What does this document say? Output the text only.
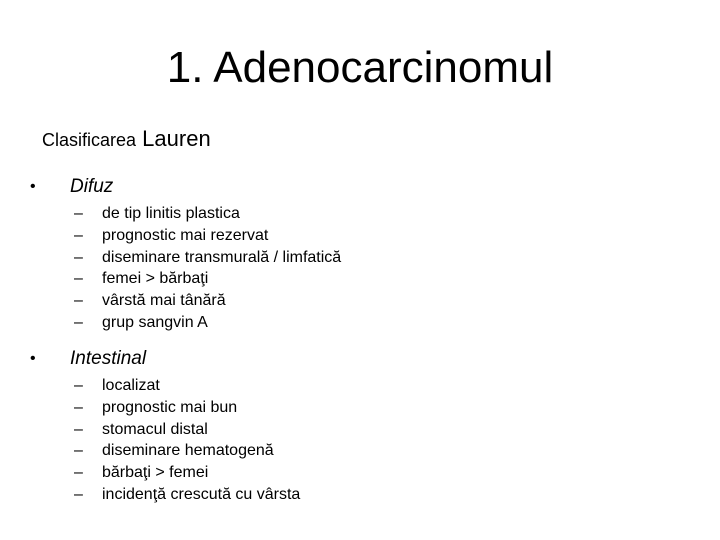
1. Adenocarcinomul
Clasificarea Lauren
• Difuz
– de tip linitis plastica
– prognostic mai rezervat
– diseminare transmurală / limfatică
– femei > bărbaţi
– vârstă mai tânără
– grup sangvin A
• Intestinal
– localizat
– prognostic mai bun
– stomacul distal
– diseminare hematogenă
– bărbaţi > femei
– incidenţă crescută cu vârsta
